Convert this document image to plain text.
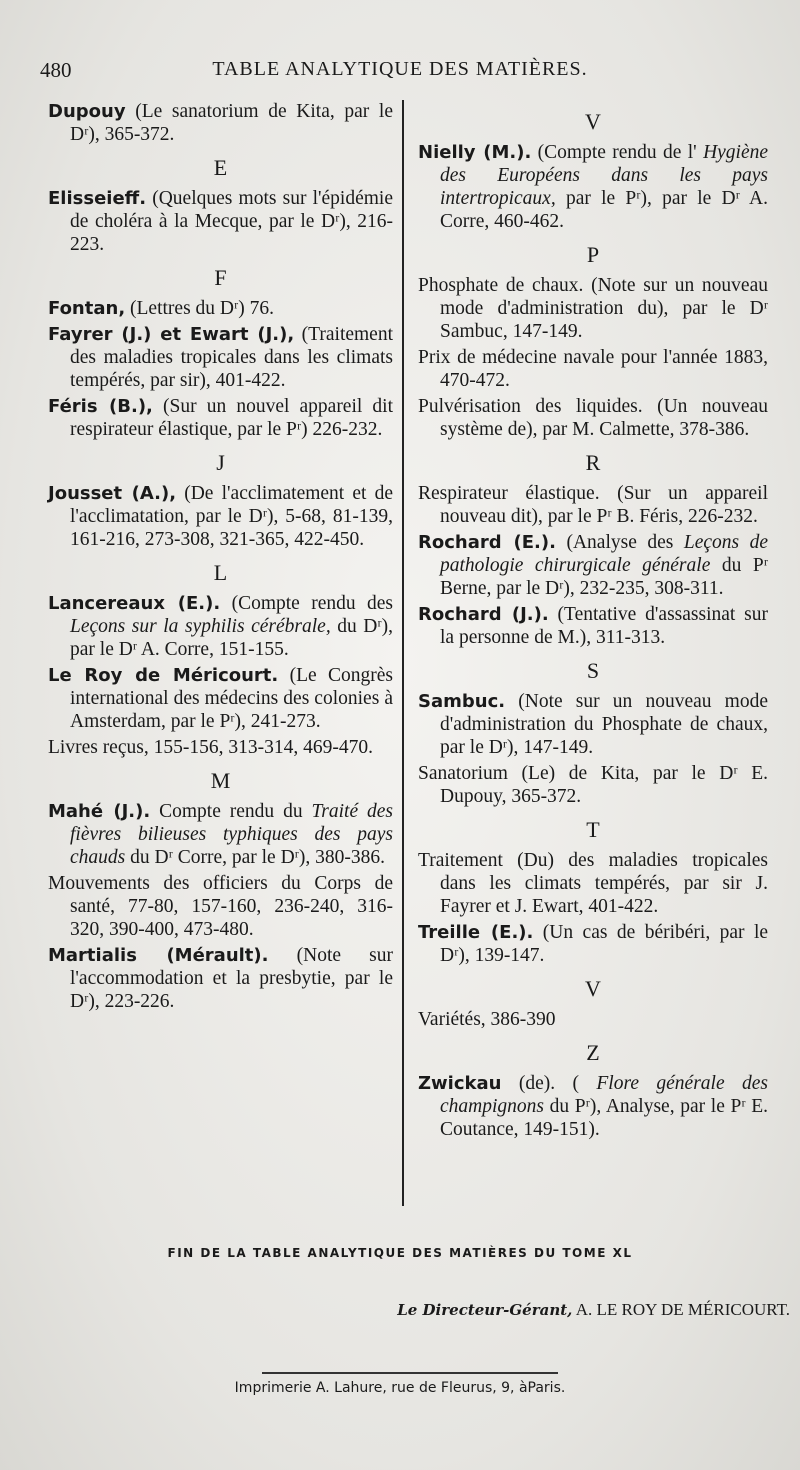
480	TABLE ANALYTIQUE DES MATIÈRES.
Dupouy (Le sanatorium de Kita, par le Dʳ), 365-372.
E
Elisseieff. (Quelques mots sur l'épidémie de choléra à la Mecque, par le Dʳ), 216-223.
F
Fontan, (Lettres du Dʳ) 76.
Fayrer (J.) et Ewart (J.), (Traitement des maladies tropicales dans les climats tempérés, par sir), 401-422.
Féris (B.), (Sur un nouvel appareil dit respirateur élastique, par le Pʳ) 226-232.
J
Jousset (A.), (De l'acclimatement et de l'acclimatation, par le Dʳ), 5-68, 81-139, 161-216, 273-308, 321-365, 422-450.
L
Lancereaux (E.). (Compte rendu des Leçons sur la syphilis cérébrale, du Dʳ), par le Dʳ A. Corre, 151-155.
Le Roy de Méricourt. (Le Congrès international des médecins des colonies à Amsterdam, par le Pʳ), 241-273.
Livres reçus, 155-156, 313-314, 469-470.
M
Mahé (J.). Compte rendu du Traité des fièvres bilieuses typhiques des pays chauds du Dʳ Corre, par le Dʳ), 380-386.
Mouvements des officiers du Corps de santé, 77-80, 157-160, 236-240, 316-320, 390-400, 473-480.
Martialis (Mérault). (Note sur l'accommodation et la presbytie, par le Dʳ), 223-226.
V
Nielly (M.). (Compte rendu de l' Hygiène des Européens dans les pays intertropicaux, par le Pʳ), par le Dʳ A. Corre, 460-462.
P
Phosphate de chaux. (Note sur un nouveau mode d'administration du), par le Dʳ Sambuc, 147-149.
Prix de médecine navale pour l'année 1883, 470-472.
Pulvérisation des liquides. (Un nouveau système de), par M. Calmette, 378-386.
R
Respirateur élastique. (Sur un appareil nouveau dit), par le Pʳ B. Féris, 226-232.
Rochard (E.). (Analyse des Leçons de pathologie chirurgicale générale du Pʳ Berne, par le Dʳ), 232-235, 308-311.
Rochard (J.). (Tentative d'assassinat sur la personne de M.), 311-313.
S
Sambuc. (Note sur un nouveau mode d'administration du Phosphate de chaux, par le Dʳ), 147-149.
Sanatorium (Le) de Kita, par le Dʳ E. Dupouy, 365-372.
T
Traitement (Du) des maladies tropicales dans les climats tempérés, par sir J. Fayrer et J. Ewart, 401-422.
Treille (E.). (Un cas de béribéri, par le Dʳ), 139-147.
V
Variétés, 386-390
Z
Zwickau (de). ( Flore générale des champignons du Pʳ), Analyse, par le Pʳ E. Coutance, 149-151).
FIN DE LA TABLE ANALYTIQUE DES MATIÈRES DU TOME XL
Le Directeur-Gérant, A. LE ROY DE MÉRICOURT.
Imprimerie A. Lahure, rue de Fleurus, 9, àParis.
